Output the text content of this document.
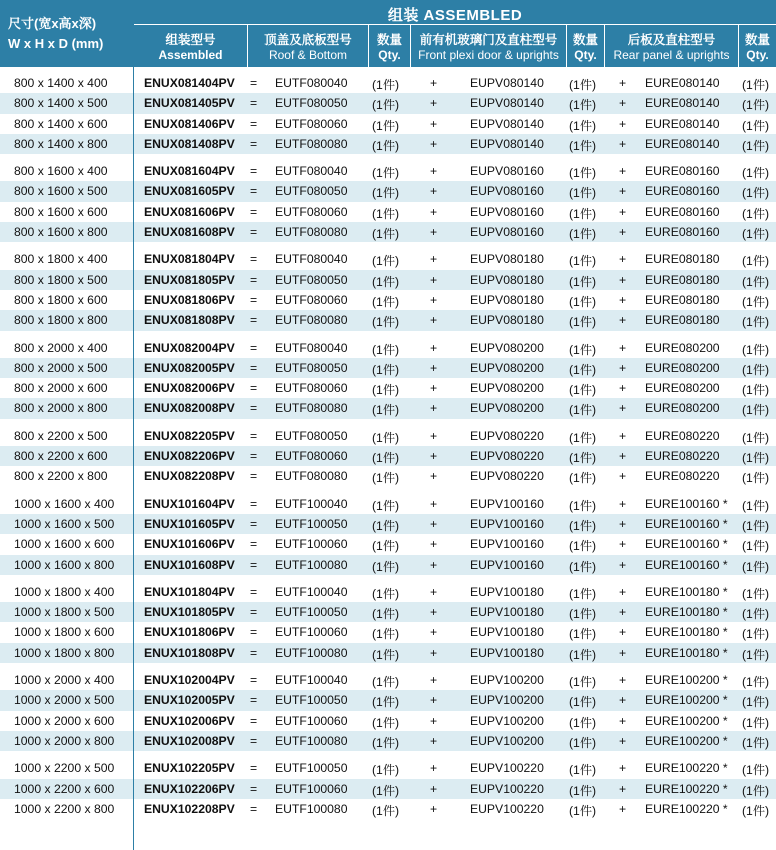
尺寸(宽x高x深)
W x H x D (mm)
组装 ASSEMBLED
组装型号
Assembled
顶盖及底板型号
Roof & Bottom
数量
Qty.
前有机玻璃门及直柱型号
Front plexi door & uprights
数量
Qty.
后板及直柱型号
Rear panel & uprights
数量
Qty.
800 x 1400 x 400	ENUX081404PV = EUTF080040 (1件)	+	EUPV080140 (1件) + EURE080140 (1件)
800 x 1400 x 500	ENUX081405PV = EUTF080050 (1件)	+	EUPV080140 (1件) + EURE080140 (1件)
800 x 1400 x 600	ENUX081406PV = EUTF080060 (1件)	+	EUPV080140 (1件) + EURE080140 (1件)
800 x 1400 x 800	ENUX081408PV = EUTF080080 (1件)	+	EUPV080140 (1件) + EURE080140 (1件)
800 x 1600 x 400	ENUX081604PV = EUTF080040 (1件)	+	EUPV080160 (1件) + EURE080160 (1件)
800 x 1600 x 500	ENUX081605PV = EUTF080050 (1件)	+	EUPV080160 (1件) + EURE080160 (1件)
800 x 1600 x 600	ENUX081606PV = EUTF080060 (1件)	+	EUPV080160 (1件) + EURE080160 (1件)
800 x 1600 x 800	ENUX081608PV = EUTF080080 (1件)	+	EUPV080160 (1件) + EURE080160 (1件)
800 x 1800 x 400	ENUX081804PV = EUTF080040 (1件)	+	EUPV080180 (1件) + EURE080180 (1件)
800 x 1800 x 500	ENUX081805PV = EUTF080050 (1件)	+	EUPV080180 (1件) + EURE080180 (1件)
800 x 1800 x 600	ENUX081806PV = EUTF080060 (1件)	+	EUPV080180 (1件) + EURE080180 (1件)
800 x 1800 x 800	ENUX081808PV = EUTF080080 (1件)	+	EUPV080180 (1件) + EURE080180 (1件)
800 x 2000 x 400	ENUX082004PV = EUTF080040 (1件)	+	EUPV080200 (1件) + EURE080200 (1件)
800 x 2000 x 500	ENUX082005PV = EUTF080050 (1件)	+	EUPV080200 (1件) + EURE080200 (1件)
800 x 2000 x 600	ENUX082006PV = EUTF080060 (1件)	+	EUPV080200 (1件) + EURE080200 (1件)
800 x 2000 x 800	ENUX082008PV = EUTF080080 (1件)	+	EUPV080200 (1件) + EURE080200 (1件)
800 x 2200 x 500	ENUX082205PV = EUTF080050 (1件)	+	EUPV080220 (1件) + EURE080220 (1件)
800 x 2200 x 600	ENUX082206PV = EUTF080060 (1件)	+	EUPV080220 (1件) + EURE080220 (1件)
800 x 2200 x 800	ENUX082208PV = EUTF080080 (1件)	+	EUPV080220 (1件) + EURE080220 (1件)
1000 x 1600 x 400 ENUX101604PV = EUTF100040 (1件)	+	EUPV100160 (1件) + EURE100160 * (1件)
1000 x 1600 x 500 ENUX101605PV = EUTF100050 (1件)	+	EUPV100160 (1件) + EURE100160 * (1件)
1000 x 1600 x 600 ENUX101606PV = EUTF100060 (1件)	+	EUPV100160 (1件) + EURE100160 * (1件)
1000 x 1600 x 800 ENUX101608PV = EUTF100080 (1件)	+	EUPV100160 (1件) + EURE100160 * (1件)
1000 x 1800 x 400 ENUX101804PV = EUTF100040 (1件)	+	EUPV100180 (1件) + EURE100180 * (1件)
1000 x 1800 x 500 ENUX101805PV = EUTF100050 (1件)	+	EUPV100180 (1件) + EURE100180 * (1件)
1000 x 1800 x 600 ENUX101806PV = EUTF100060 (1件)	+	EUPV100180 (1件) + EURE100180 * (1件)
1000 x 1800 x 800 ENUX101808PV = EUTF100080 (1件)	+	EUPV100180 (1件) + EURE100180 * (1件)
1000 x 2000 x 400 ENUX102004PV = EUTF100040 (1件)	+	EUPV100200 (1件) + EURE100200 * (1件)
1000 x 2000 x 500 ENUX102005PV = EUTF100050 (1件)	+	EUPV100200 (1件) + EURE100200 * (1件)
1000 x 2000 x 600 ENUX102006PV = EUTF100060 (1件)	+	EUPV100200 (1件) + EURE100200 * (1件)
1000 x 2000 x 800 ENUX102008PV = EUTF100080 (1件)	+	EUPV100200 (1件) + EURE100200 * (1件)
1000 x 2200 x 500 ENUX102205PV = EUTF100050 (1件)	+	EUPV100220 (1件) + EURE100220 * (1件)
1000 x 2200 x 600 ENUX102206PV = EUTF100060 (1件)	+	EUPV100220 (1件) + EURE100220 * (1件)
1000 x 2200 x 800 ENUX102208PV = EUTF100080 (1件)	+	EUPV100220 (1件) + EURE100220 * (1件)
